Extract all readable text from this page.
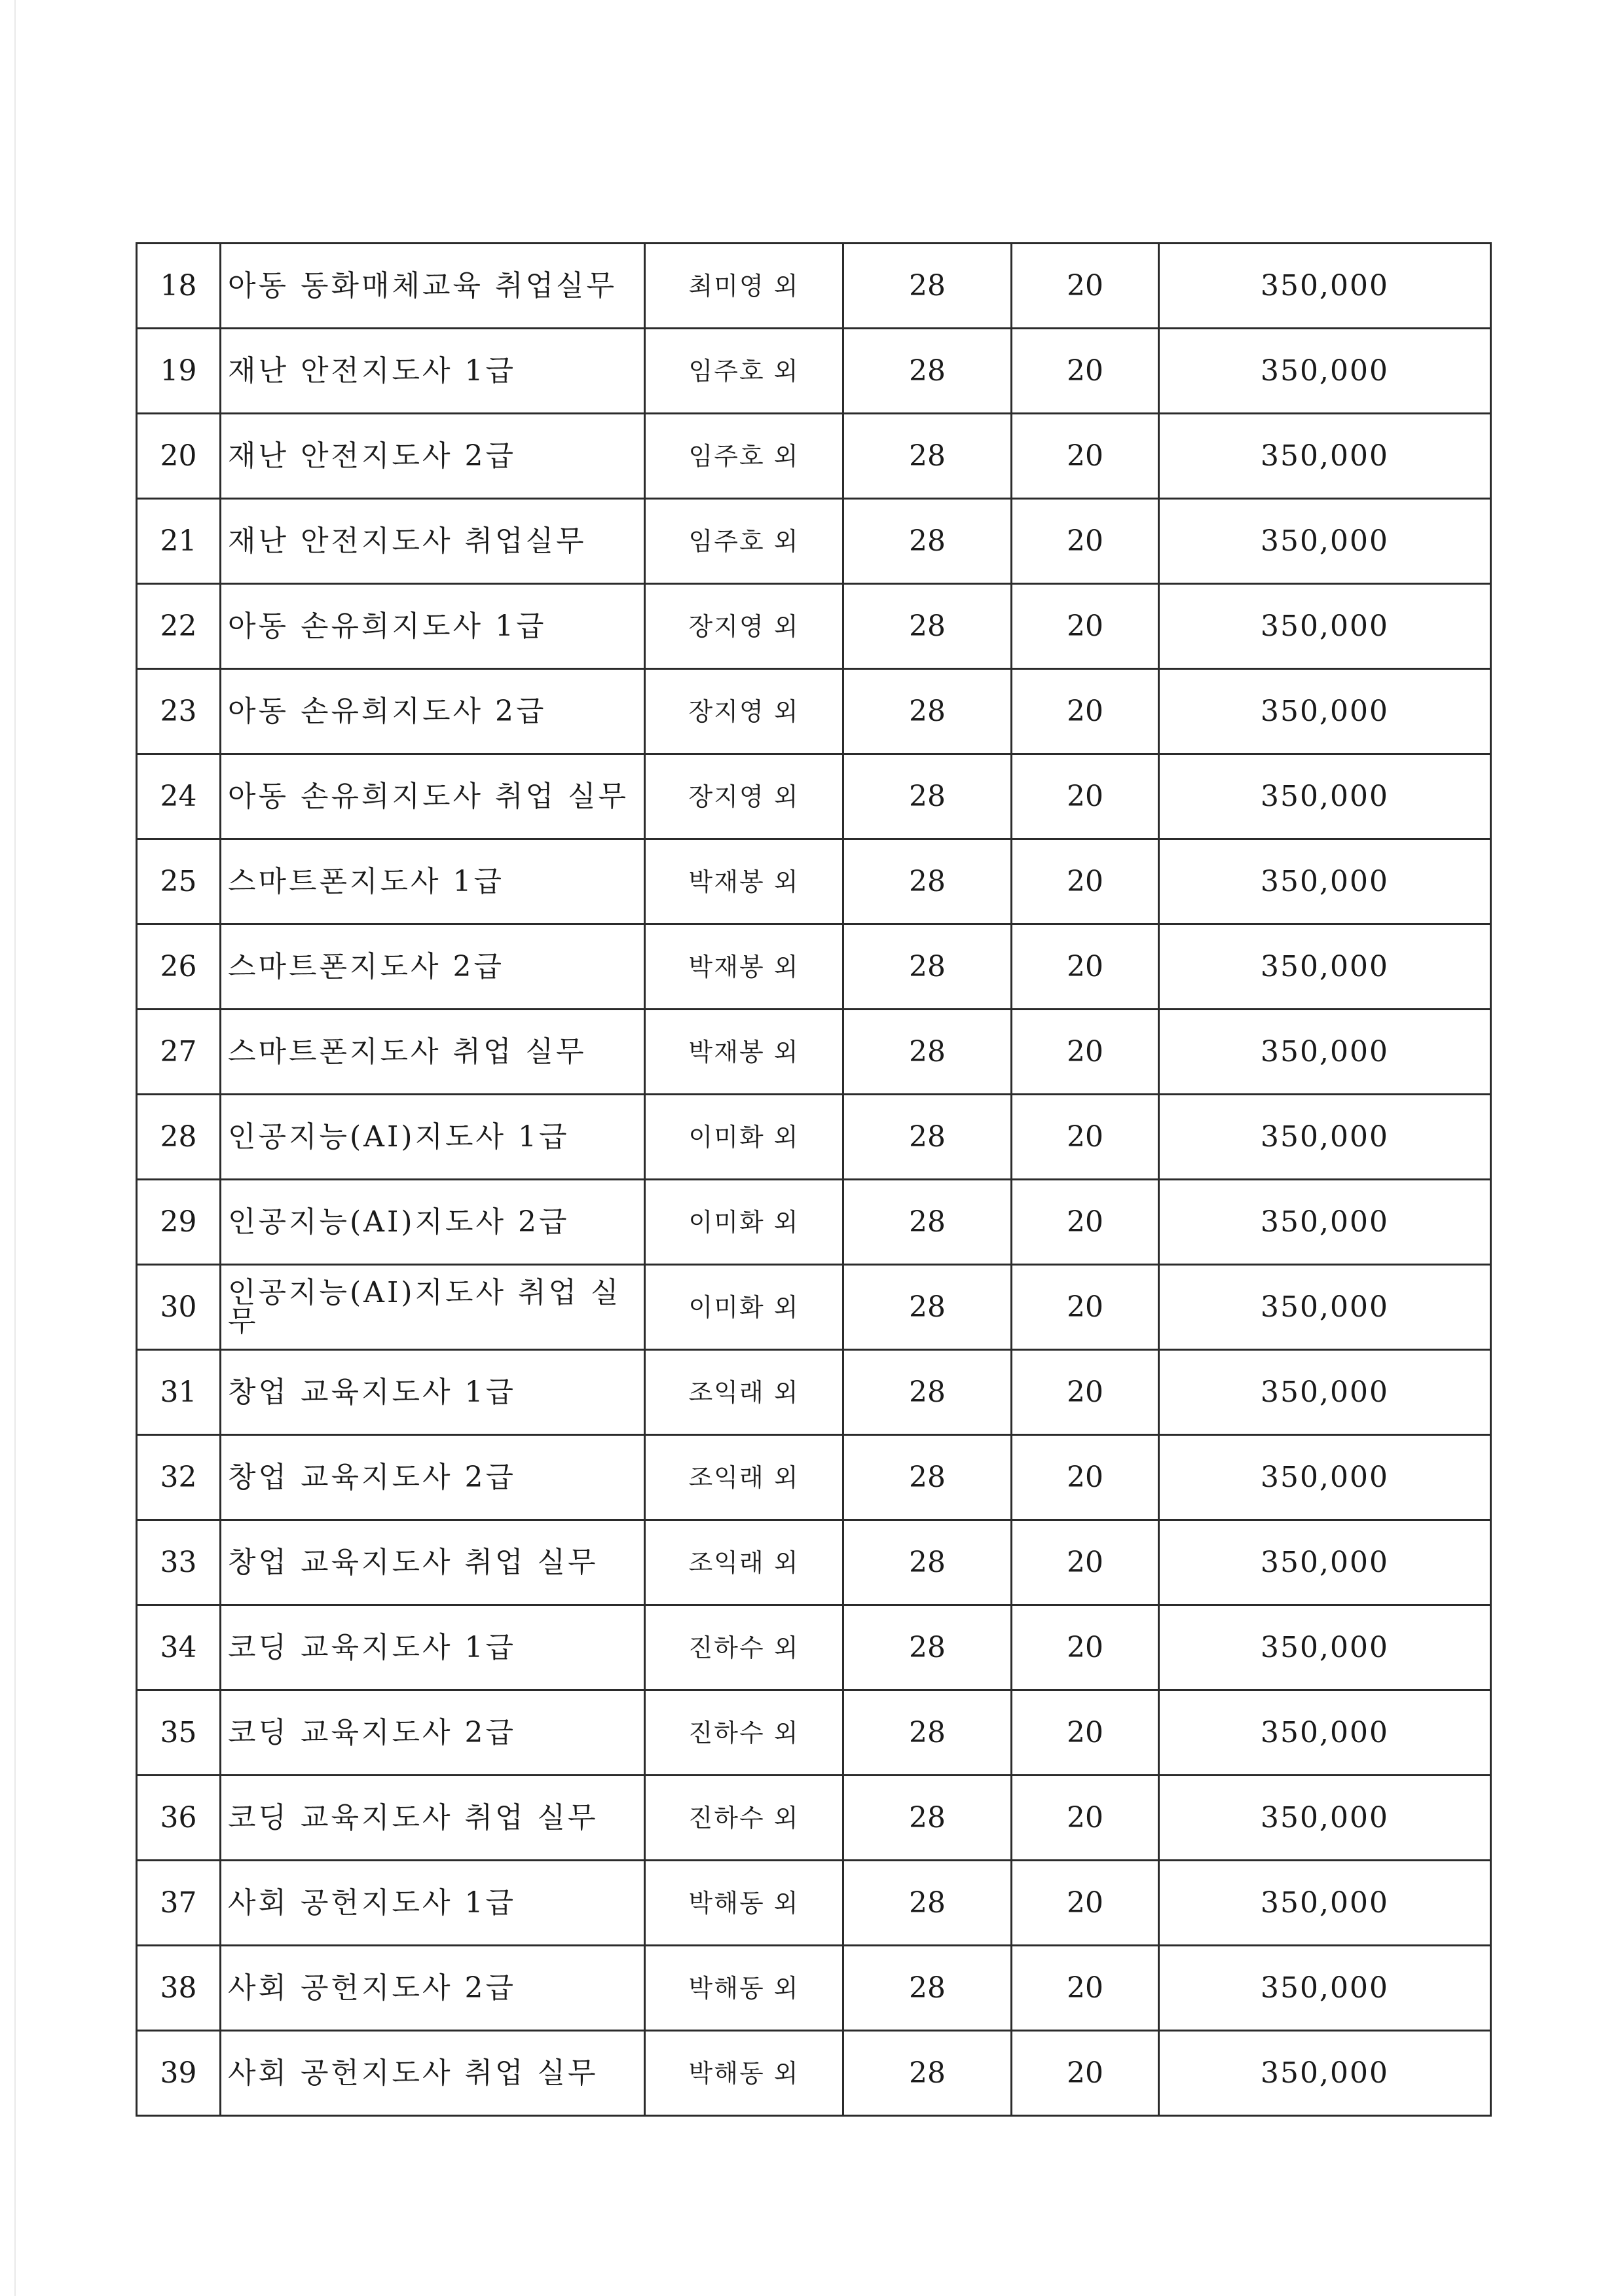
18	아동 동화매체교육 취업실무	최미영 외	28	20	350,000
19	재난 안전지도사 1급	임주호 외	28	20	350,000
20	재난 안전지도사 2급	임주호 외	28	20	350,000
21	재난 안전지도사 취업실무	임주호 외	28	20	350,000
22	아동 손유희지도사 1급	장지영 외	28	20	350,000
23	아동 손유희지도사 2급	장지영 외	28	20	350,000
24	아동 손유희지도사 취업 실무	장지영 외	28	20	350,000
25	스마트폰지도사 1급	박재봉 외	28	20	350,000
26	스마트폰지도사 2급	박재봉 외	28	20	350,000
27	스마트폰지도사 취업 실무	박재봉 외	28	20	350,000
28	인공지능(AI)지도사 1급	이미화 외	28	20	350,000
29	인공지능(AI)지도사 2급	이미화 외	28	20	350,000
30	인공지능(AI)지도사 취업 실무	이미화 외	28	20	350,000
31	창업 교육지도사 1급	조익래 외	28	20	350,000
32	창업 교육지도사 2급	조익래 외	28	20	350,000
33	창업 교육지도사 취업 실무	조익래 외	28	20	350,000
34	코딩 교육지도사 1급	진하수 외	28	20	350,000
35	코딩 교육지도사 2급	진하수 외	28	20	350,000
36	코딩 교육지도사 취업 실무	진하수 외	28	20	350,000
37	사회 공헌지도사 1급	박해동 외	28	20	350,000
38	사회 공헌지도사 2급	박해동 외	28	20	350,000
39	사회 공헌지도사 취업 실무	박해동 외	28	20	350,000
